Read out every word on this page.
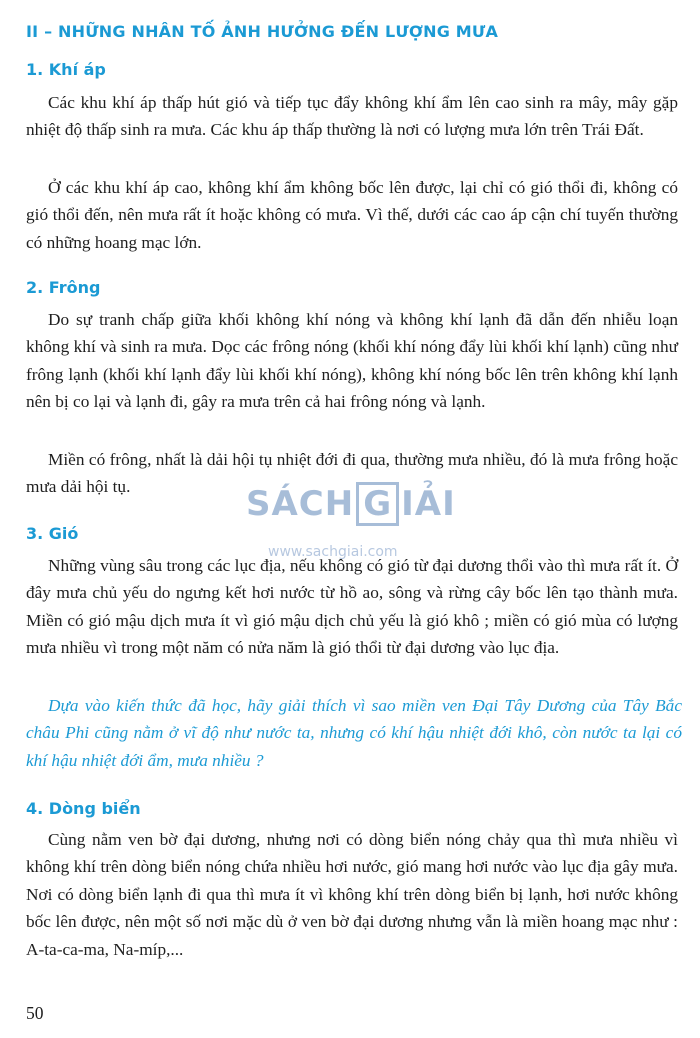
II – NHỮNG NHÂN TỐ ẢNH HƯỞNG ĐẾN LƯỢNG MƯA
1. Khí áp

Các khu khí áp thấp hút gió và tiếp tục đẩy không khí ẩm lên cao sinh ra mây, mây gặp nhiệt độ thấp sinh ra mưa. Các khu áp thấp thường là nơi có lượng mưa lớn trên Trái Đất.

Ở các khu khí áp cao, không khí ẩm không bốc lên được, lại chỉ có gió thổi đi, không có gió thổi đến, nên mưa rất ít hoặc không có mưa. Vì thế, dưới các cao áp cận chí tuyến thường có những hoang mạc lớn.

2. Frông

Do sự tranh chấp giữa khối không khí nóng và không khí lạnh đã dẫn đến nhiễu loạn không khí và sinh ra mưa. Dọc các frông nóng (khối khí nóng đẩy lùi khối khí lạnh) cũng như frông lạnh (khối khí lạnh đẩy lùi khối khí nóng), không khí nóng bốc lên trên không khí lạnh nên bị co lại và lạnh đi, gây ra mưa trên cả hai frông nóng và lạnh.

Miền có frông, nhất là dải hội tụ nhiệt đới đi qua, thường mưa nhiều, đó là mưa frông hoặc mưa dải hội tụ.

3. Gió

Những vùng sâu trong các lục địa, nếu không có gió từ đại dương thổi vào thì mưa rất ít. Ở đây mưa chủ yếu do ngưng kết hơi nước từ hồ ao, sông và rừng cây bốc lên tạo thành mưa. Miền có gió mậu dịch mưa ít vì gió mậu dịch chủ yếu là gió khô ; miền có gió mùa có lượng mưa nhiều vì trong một năm có nửa năm là gió thổi từ đại dương vào lục địa.

Dựa vào kiến thức đã học, hãy giải thích vì sao miền ven Đại Tây Dương của Tây Bắc châu Phi cũng nằm ở vĩ độ như nước ta, nhưng có khí hậu nhiệt đới khô, còn nước ta lại có khí hậu nhiệt đới ẩm, mưa nhiều ?

4. Dòng biển

Cùng nằm ven bờ đại dương, nhưng nơi có dòng biển nóng chảy qua thì mưa nhiều vì không khí trên dòng biển nóng chứa nhiều hơi nước, gió mang hơi nước vào lục địa gây mưa. Nơi có dòng biển lạnh đi qua thì mưa ít vì không khí trên dòng biển bị lạnh, hơi nước không bốc lên được, nên một số nơi mặc dù ở ven bờ đại dương nhưng vẫn là miền hoang mạc như : A-ta-ca-ma, Na-míp,...

50

SÁCH G IẢI
www.sachgiai.com
